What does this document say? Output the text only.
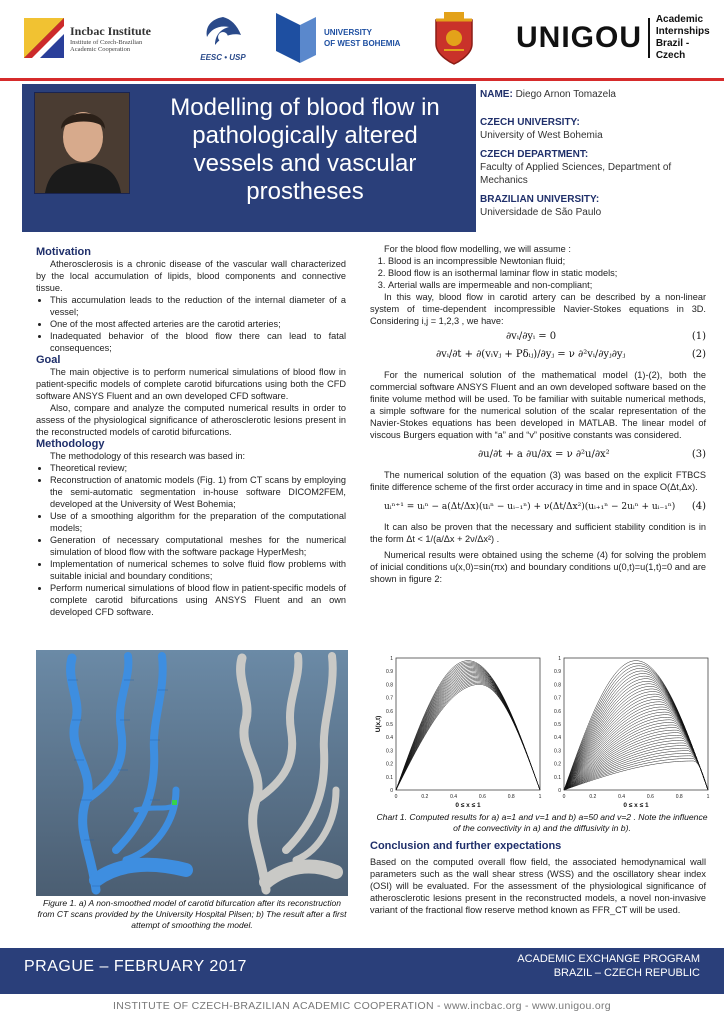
Incbac Institute
Institute of Czech-Brazilian
Academic Cooperation
EESC • USP
UNIVERSITY
OF WEST BOHEMIA	UNIGOU
Academic
Internships
Brazil - Czech
Modelling of blood flow in pathologically altered vessels and vascular prostheses
NAME: Diego Arnon Tomazela
CZECH UNIVERSITY:
University of West Bohemia
CZECH DEPARTMENT:
Faculty of Applied Sciences, Department of Mechanics
BRAZILIAN UNIVERSITY:
Universidade de São Paulo
Motivation

Atherosclerosis is a chronic disease of the vascular wall characterized by the local accumulation of lipids, blood components and connective tissue.

• This accumulation leads to the reduction of the internal diameter of a vessel;
• One of the most affected arteries are the carotid arteries;
• Inadequated behavior of the blood flow there can lead to fatal consequences;
Goal

The main objective is to perform numerical simulations of blood flow in patient-specific models of complete carotid bifurcations using both the CFD software ANSYS Fluent and an own developed CFD software.

Also, compare and analyze the computed numerical results in order to assess of the physiological significance of atherosclerotic lesions present in the reconstructed models of carotid bifurcations.

Methodology

The methodology of this research was based in:

• Theoretical review;
• Reconstruction of anatomic models (Fig. 1) from CT scans by employing the semi-automatic segmentation in-house software DICOM2FEM, developed at the University of West Bohemia;
• Use of a smoothing algorithm for the preparation of the computational models;
• Generation of necessary computational meshes for the numerical simulation of blood flow with the software package HyperMesh;
• Implementation of numerical schemes to solve fluid flow problems with suitable inicial and boundary conditions;
• Perform numerical simulations of blood flow in patient-specific models of complete carotid bifurcations using ANSYS Fluent and an own developed CFD software.
Figure 1. a) A non-smoothed model of carotid bifurcation after its reconstruction from CT scans provided by the University Hospital Pilsen; b) The result after a first attempt of smoothing the model.

For the blood flow modelling, we will assume :

1. Blood is an incompressible Newtonian fluid;
2. Blood flow is an isothermal laminar flow in static models;
3. Arterial walls are impermeable and non-compliant;

In this way, blood flow in carotid artery can be described by a non-linear system of time-dependent incompressible Navier-Stokes equations in 3D. Considering i,j = 1,2,3 , we have:

∂vᵢ/∂yᵢ = 0	(1)
∂vᵢ/∂t + ∂(vᵢvⱼ + Pδᵢⱼ)/∂yⱼ = ν ∂²vᵢ/∂yⱼ∂yⱼ	(2)

For the numerical solution of the mathematical model (1)-(2), both the commercial software ANSYS Fluent and an own developed software based on the finite volume method will be used. To be familiar with suitable numerical methods, a simple software for the numerical solution of the scalar representation of the Navier-Stokes equations has been developed in MATLAB. The linear model of viscous Burgers equation with “a” and “v” positive constants was considered.

∂u/∂t + a ∂u/∂x = ν ∂²u/∂x²	(3)

The numerical solution of the equation (3) was based on the explicit FTBCS finite difference scheme of the first order accuracy in time and in space O(Δt,Δx).

uᵢⁿ⁺¹ = uᵢⁿ − a(Δt/Δx)(uᵢⁿ − uᵢ₋₁ⁿ) + ν(Δt/Δx²)(uᵢ₊₁ⁿ − 2uᵢⁿ + uᵢ₋₁ⁿ) (4)

It can also be proven that the necessary and sufficient stability condition is in the form Δt < 1/(a/Δx + 2ν/Δx²) .

Numerical results were obtained using the scheme (4) for solving the problem of inicial conditions u(x,0)=sin(πx) and boundary conditions u(0,t)=u(1,t)=0 and are shown in figure 2:

0	0.2	0.4	0.6	0.8	1
0
0.1
0.2
0.3
0.4
0.5
0.6
0.7
0.8
0.9
1
0 ≤ x ≤ 1
U(x,t)
0	0.2	0.4	0.6	0.8	1
0
0.1
0.2
0.3
0.4
0.5
0.6
0.7
0.8
0.9
1
0 ≤ x ≤ 1
Chart 1. Computed results for a) a=1 and v=1 and b) a=50 and v=2 . Note the influence of the convectivity in a) and the diffusivity in b).
Conclusion and further expectations

Based on the computed overall flow field, the associated hemodynamical wall parameters such as the wall shear stress (WSS) and the oscillatory shear index (OSI) will be evaluated. For the assessment of the physiological significance of atherosclerotic lesions present in the reconstructed models, a novel non-invasive variant of the fractional flow reserve method known as FFR_CT will be used.

PRAGUE – FEBRUARY 2017	ACADEMIC EXCHANGE PROGRAM
BRAZIL – CZECH REPUBLIC
INSTITUTE OF CZECH-BRAZILIAN ACADEMIC COOPERATION - www.incbac.org - www.unigou.org
